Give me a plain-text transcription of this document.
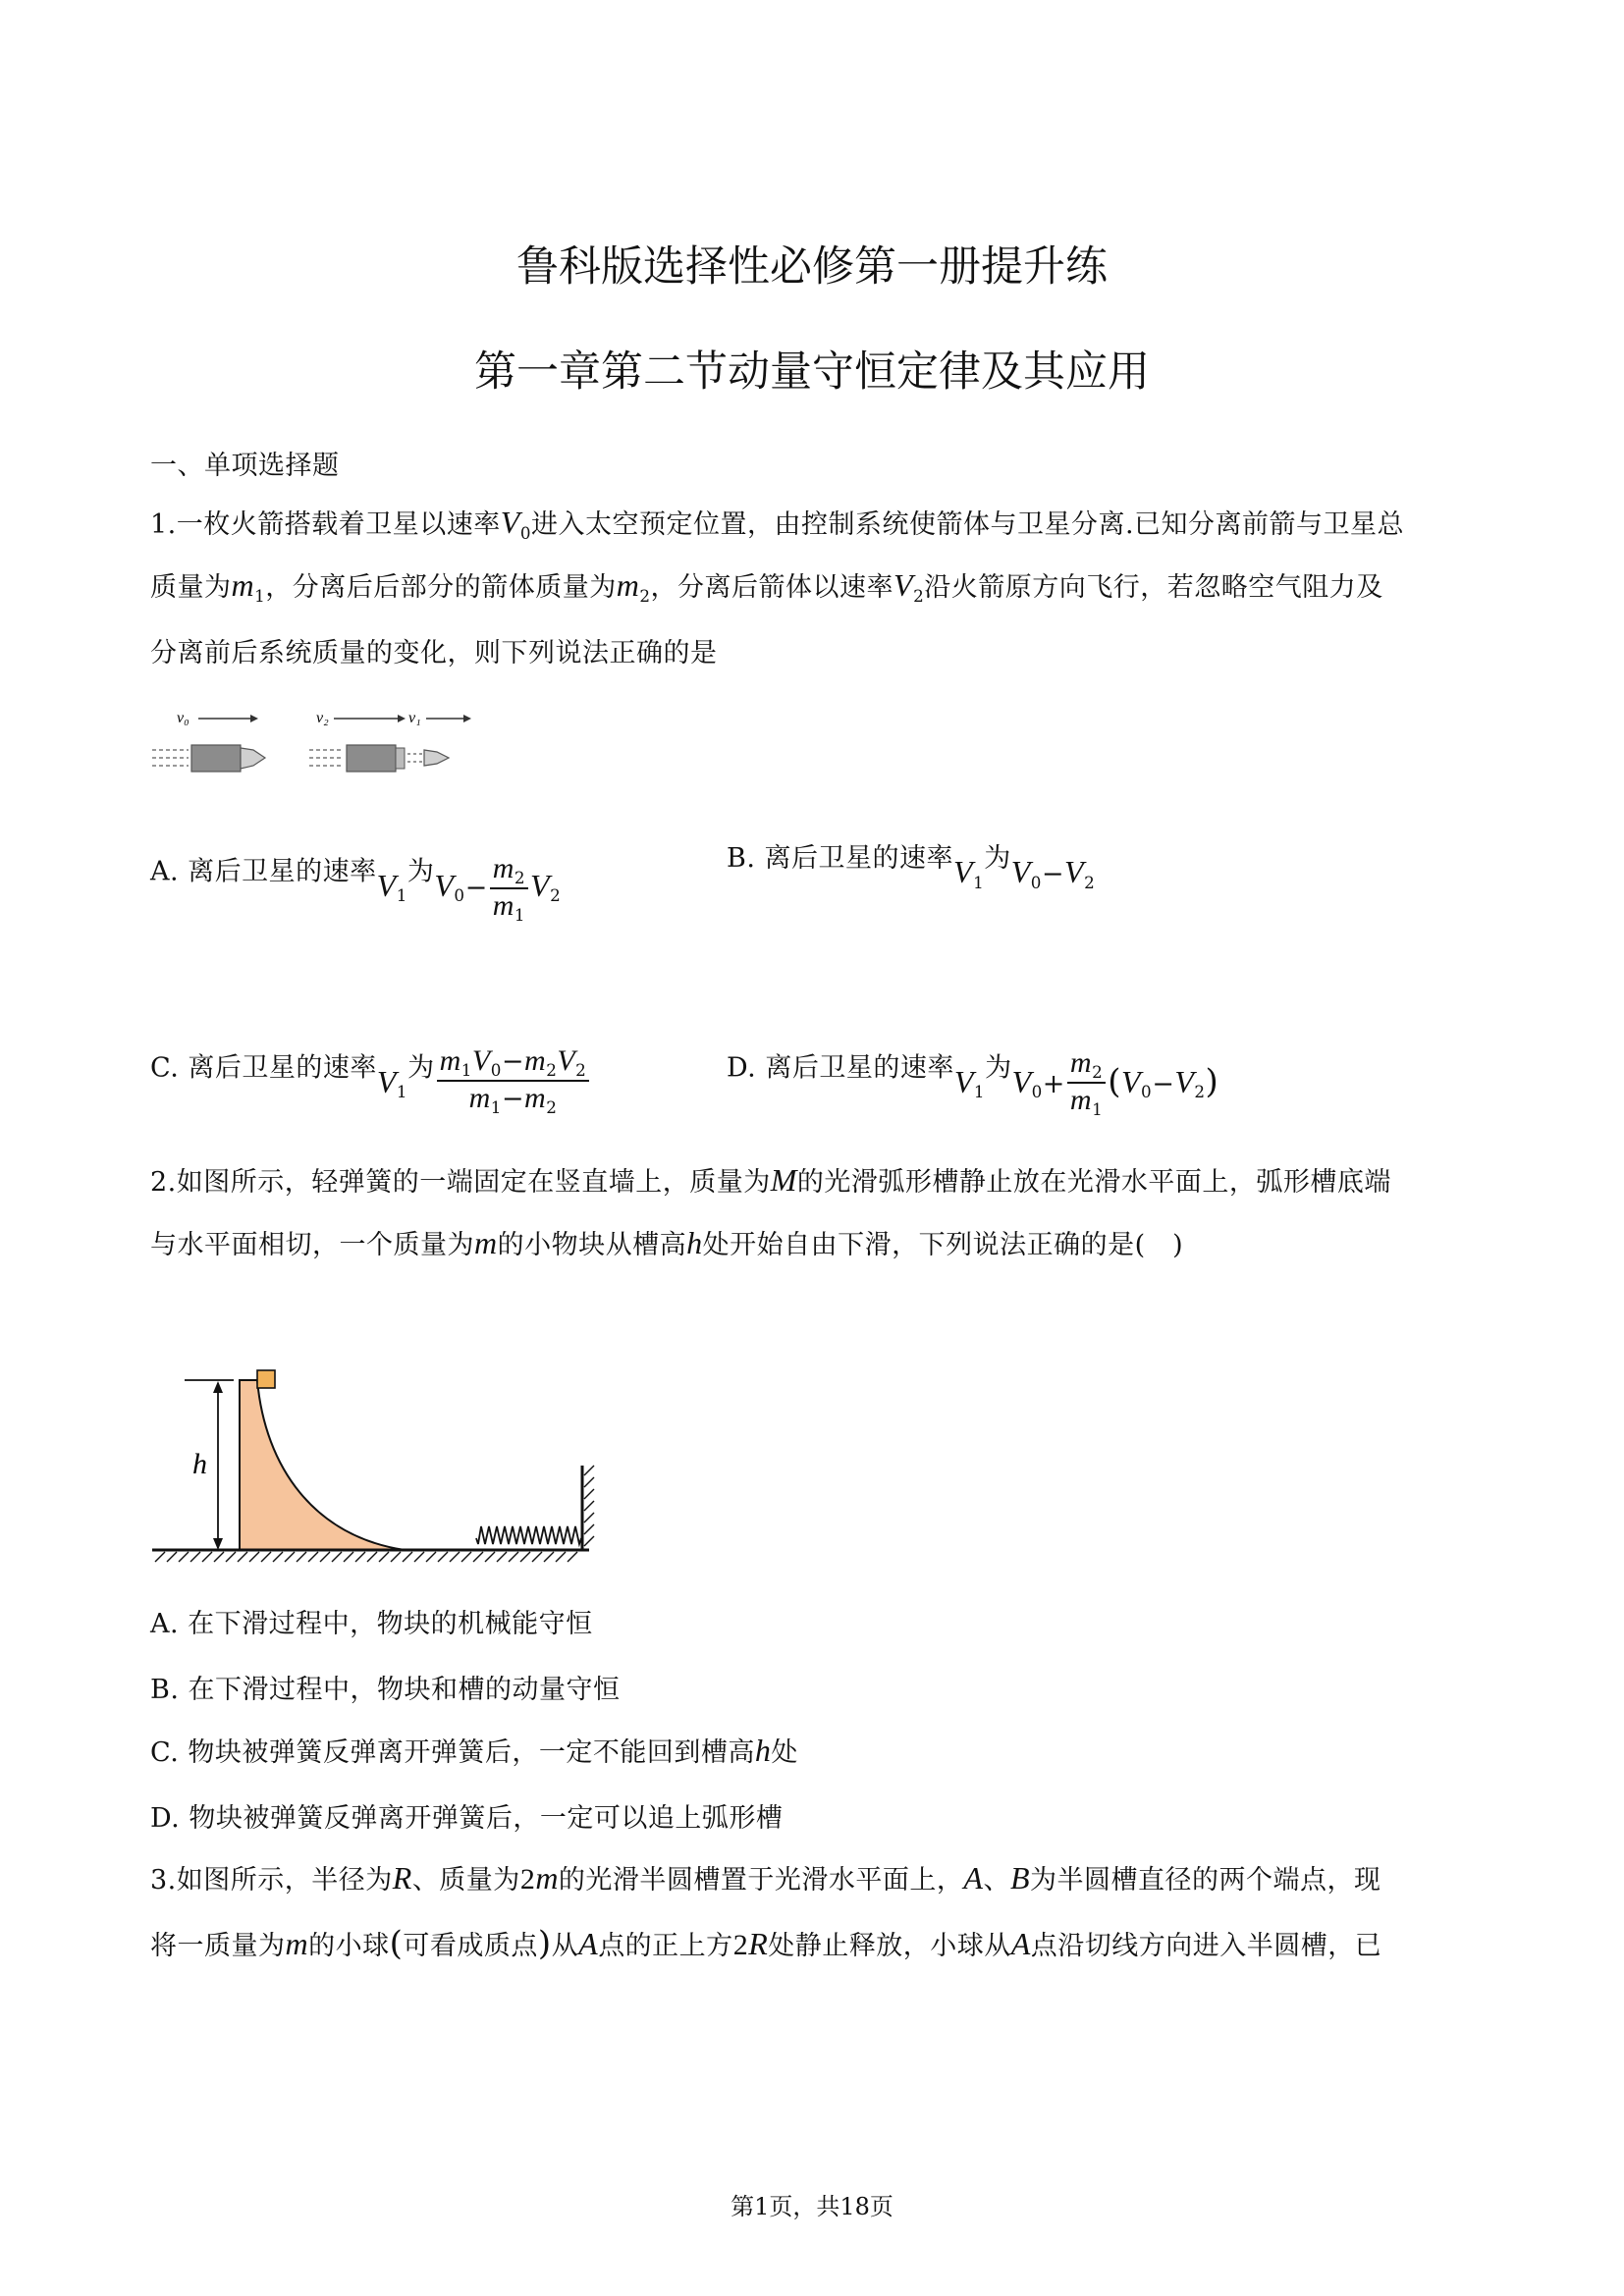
鲁科版选择性必修第一册提升练
第一章第二节动量守恒定律及其应用
一、单项选择题
1.一枚火箭搭载着卫星以速率$V_0$进入太空预定位置，由控制系统使箭体与卫星分离.已知分离前箭与卫星总
质量为$m_1$，分离后后部分的箭体质量为$m_2$，分离后箭体以速率$V_2$沿火箭原方向飞行，若忽略空气阻力及
分离前后系统质量的变化，则下列说法正确的是
v₀	v₂	v₁
A. 离后卫星的速率$V_1$为$V_0- \frac{m_2}{m_1} V_2$
B. 离后卫星的速率$V_1$为$V_0-V_2$
C. 离后卫星的速率$V_1$为 $\frac{m_1V_0-m_2V_2}{m_1-m_2}$	D. 离后卫星的速率$V_1$为$V_0+ \frac{m_2}{m_1} (V_0-V_2)$
2.如图所示，轻弹簧的一端固定在竖直墙上，质量为M的光滑弧形槽静止放在光滑水平面上，弧形槽底端
与水平面相切，一个质量为m的小物块从槽高h处开始自由下滑，下列说法正确的是(　)
h
A. 在下滑过程中，物块的机械能守恒
B. 在下滑过程中，物块和槽的动量守恒
C. 物块被弹簧反弹离开弹簧后，一定不能回到槽高h处
D. 物块被弹簧反弹离开弹簧后，一定可以追上弧形槽
3.如图所示，半径为R、质量为2m的光滑半圆槽置于光滑水平面上，A、B为半圆槽直径的两个端点，现
将一质量为m的小球(可看成质点)从A点的正上方2R处静止释放，小球从A点沿切线方向进入半圆槽，已
第1页，共18页
